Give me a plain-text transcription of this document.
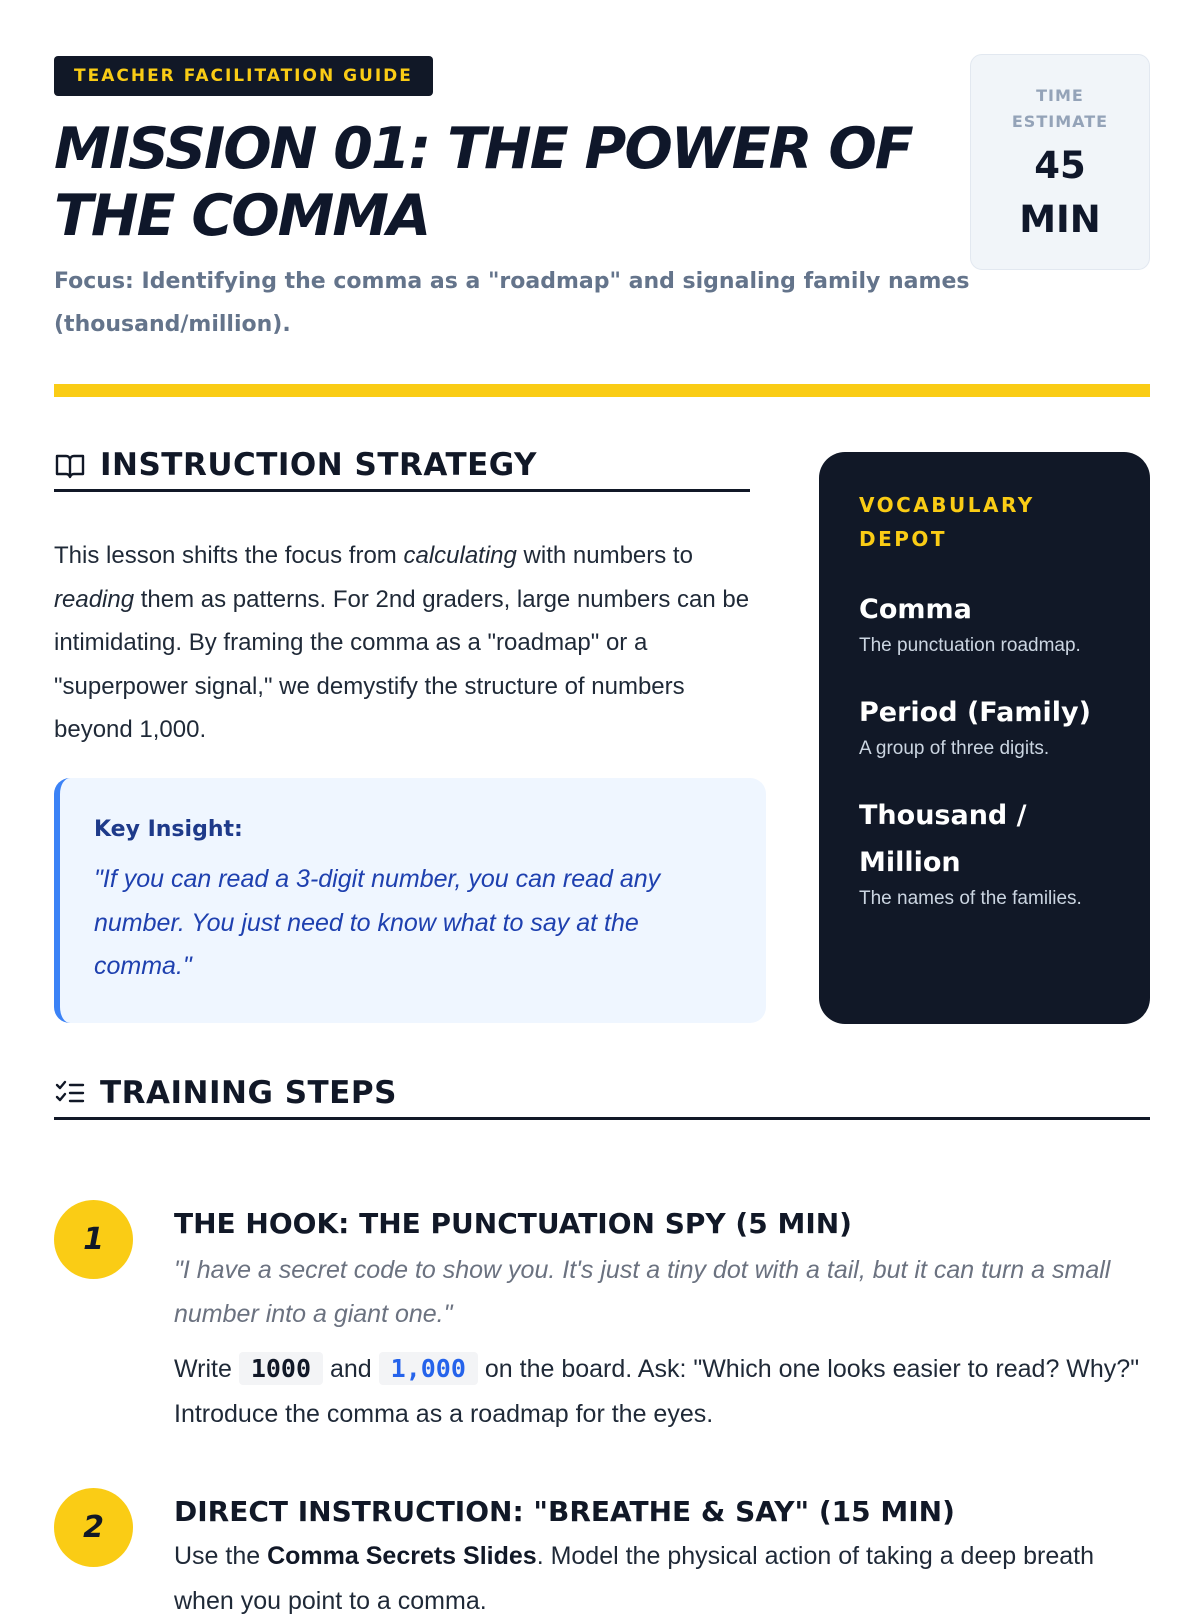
TEACHER FACILITATION GUIDE
MISSION 01: THE POWER OF THE COMMA

Focus: Identifying the comma as a "roadmap" and signaling family names (thousand/million).

TIME ESTIMATE
45 MIN
INSTRUCTION STRATEGY

This lesson shifts the focus from calculating with numbers to reading them as patterns. For 2nd graders, large numbers can be intimidating. By framing the comma as a "roadmap" or a "superpower signal," we demystify the structure of numbers beyond 1,000.

Key Insight:
"If you can read a 3-digit number, you can read any number. You just need to know what to say at the comma."
VOCABULARY DEPOT
Comma
The punctuation roadmap.
Period (Family)
A group of three digits.
Thousand / Million
The names of the families.
TRAINING STEPS
1	THE HOOK: THE PUNCTUATION SPY (5 MIN)
"I have a secret code to show you. It's just a tiny dot with a tail, but it can turn a small number into a giant one."
Write 1000 and 1,000 on the board. Ask: "Which one looks easier to read? Why?" Introduce the comma as a roadmap for the eyes.
2	DIRECT INSTRUCTION: "BREATHE & SAY" (15 MIN)
Use the Comma Secrets Slides. Model the physical action of taking a deep breath when you point to a comma.
